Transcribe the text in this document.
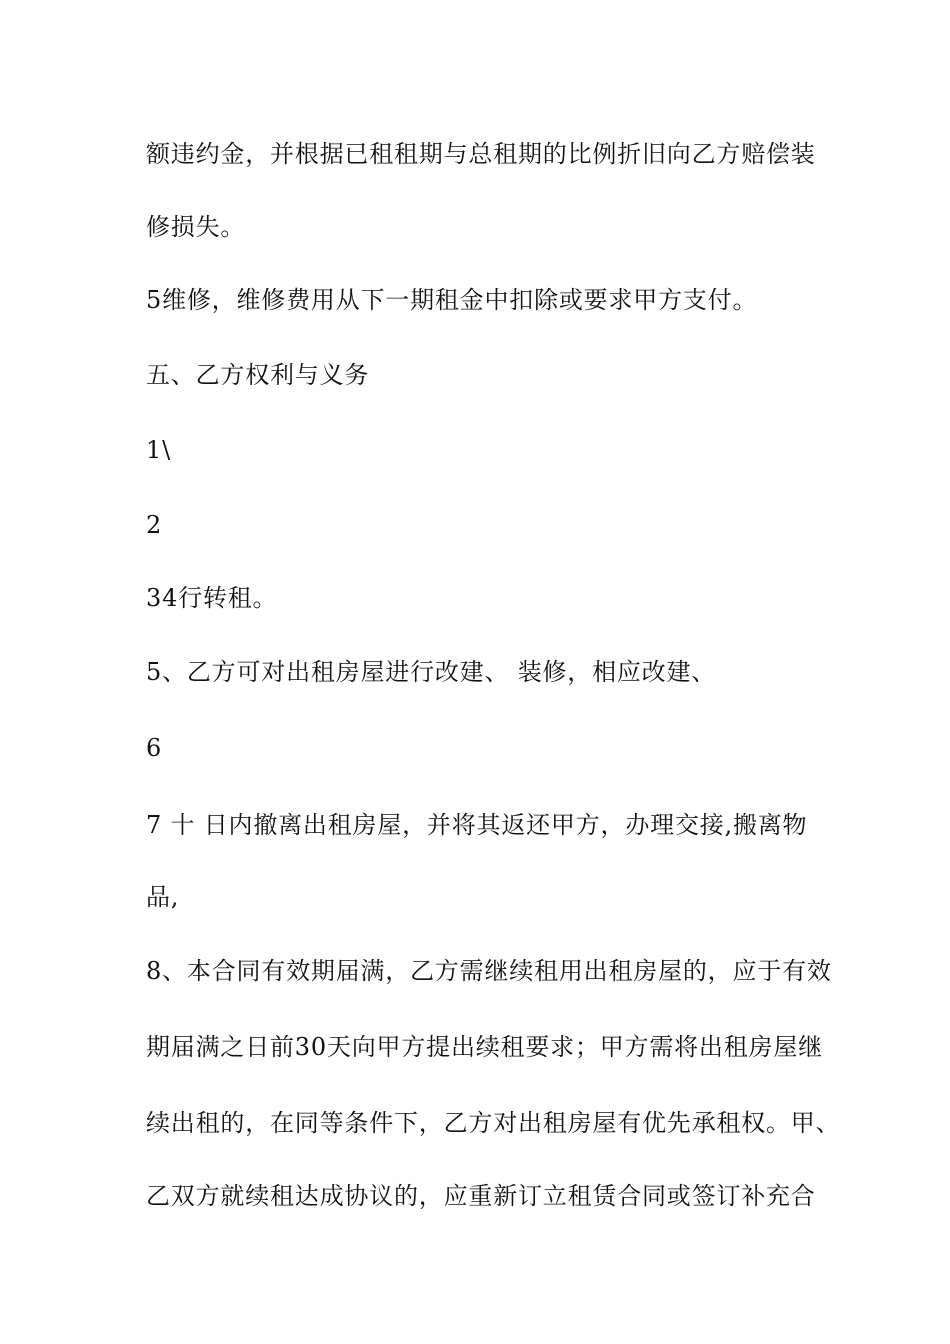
额违约金，并根据已租租期与总租期的比例折旧向乙方赔偿装
修损失。
5维修，维修费用从下一期租金中扣除或要求甲方支付。
五、乙方权利与义务
1\
2
34行转租。
5、乙方可对出租房屋进行改建、 装修，相应改建、
6
7 十 日内撤离出租房屋，并将其返还甲方，办理交接,搬离物
品,
8、本合同有效期届满，乙方需继续租用出租房屋的，应于有效
期届满之日前30天向甲方提出续租要求；甲方需将出租房屋继
续出租的，在同等条件下，乙方对出租房屋有优先承租权。甲、
乙双方就续租达成协议的，应重新订立租赁合同或签订补充合
